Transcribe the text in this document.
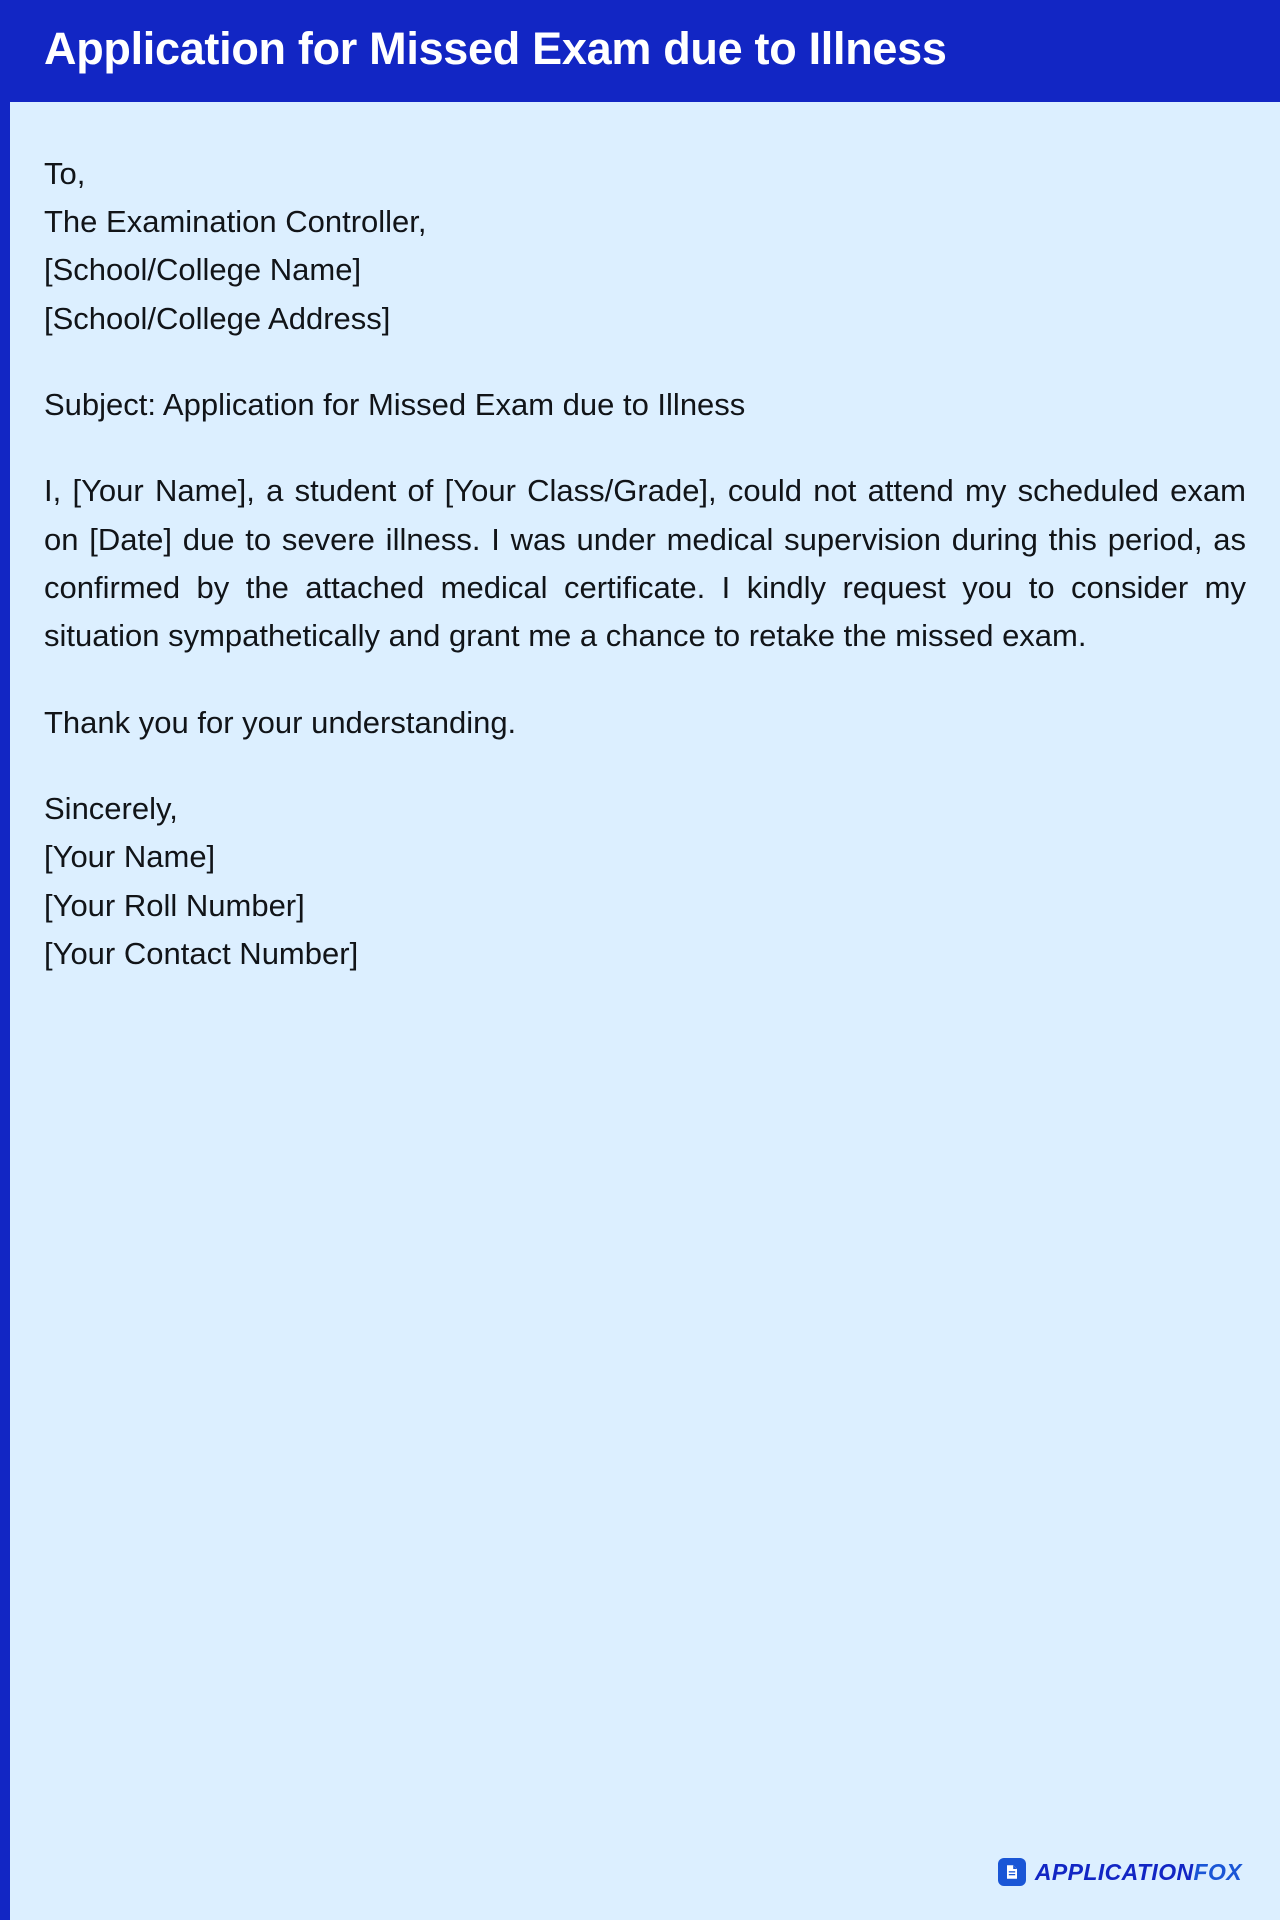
Application for Missed Exam due to Illness
To,
The Examination Controller,
[School/College Name]
[School/College Address]
Subject: Application for Missed Exam due to Illness

I, [Your Name], a student of [Your Class/Grade], could not attend my scheduled exam on [Date] due to severe illness. I was under medical supervision during this period, as confirmed by the attached medical certificate. I kindly request you to consider my situation sympathetically and grant me a chance to retake the missed exam.

Thank you for your understanding.
Sincerely,
[Your Name]
[Your Roll Number]
[Your Contact Number]
APPLICATIONFOX
